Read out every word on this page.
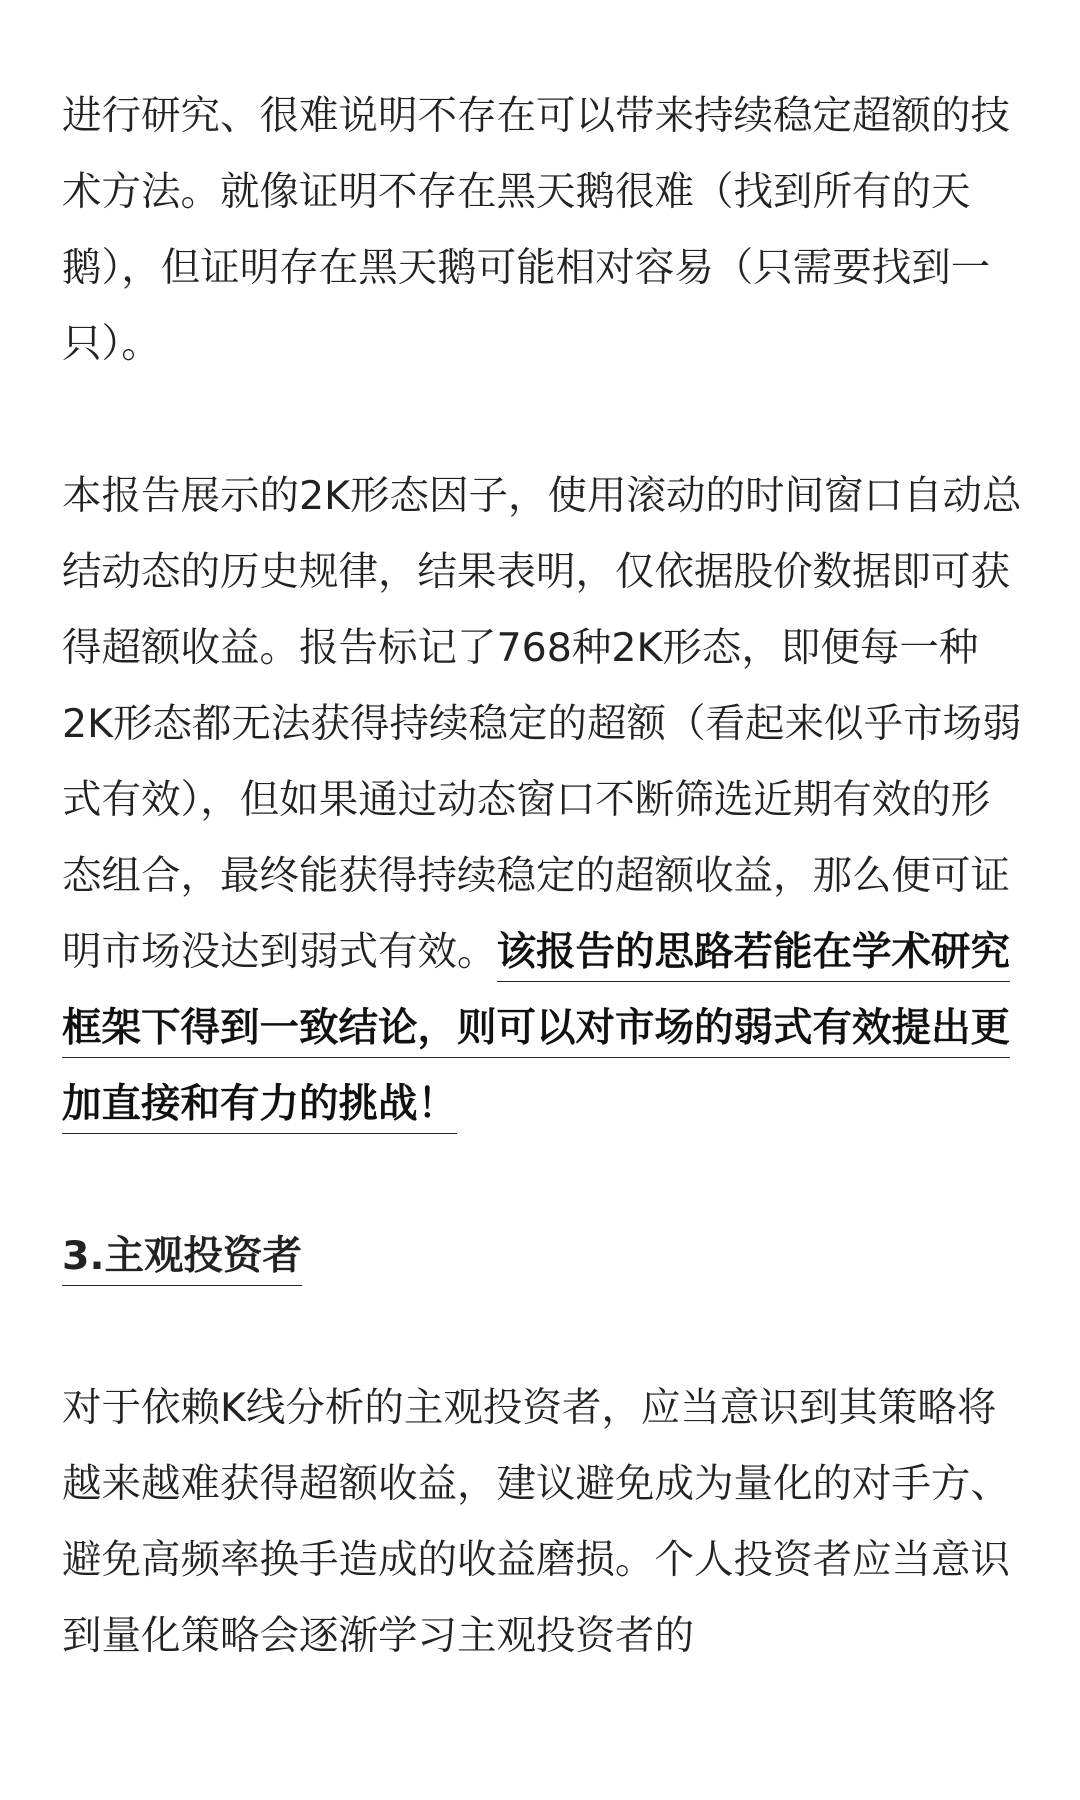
进行研究、很难说明不存在可以带来持续稳定超额的技术方法。就像证明不存在黑天鹅很难（找到所有的天鹅），但证明存在黑天鹅可能相对容易（只需要找到一只）。

本报告展示的2K形态因子，使用滚动的时间窗口自动总结动态的历史规律，结果表明，仅依据股价数据即可获得超额收益。报告标记了768种2K形态，即便每一种2K形态都无法获得持续稳定的超额（看起来似乎市场弱式有效），但如果通过动态窗口不断筛选近期有效的形态组合，最终能获得持续稳定的超额收益，那么便可证明市场没达到弱式有效。该报告的思路若能在学术研究框架下得到一致结论，则可以对市场的弱式有效提出更加直接和有力的挑战！

3.主观投资者

对于依赖K线分析的主观投资者，应当意识到其策略将越来越难获得超额收益，建议避免成为量化的对手方、避免高频率换手造成的收益磨损。个人投资者应当意识到量化策略会逐渐学习主观投资者的
